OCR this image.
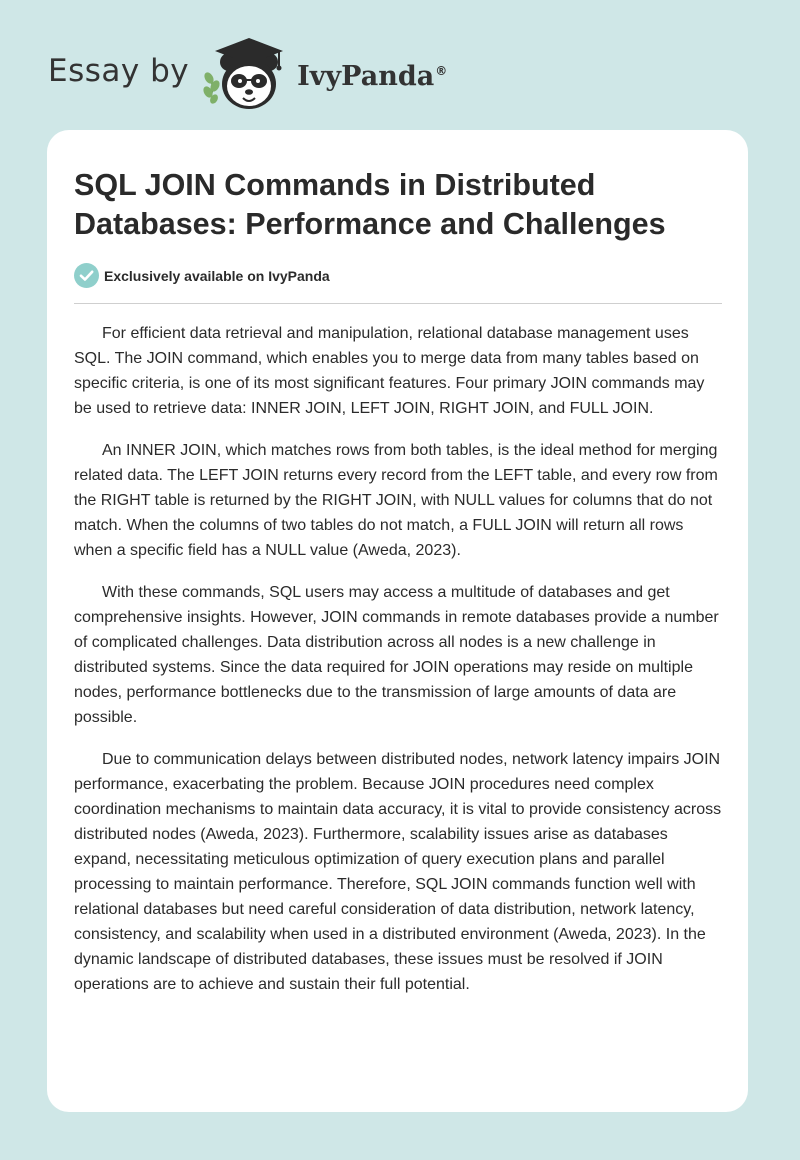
Essay by	IvyPanda®
SQL JOIN Commands in Distributed Databases: Performance and Challenges
Exclusively available on IvyPanda

For efficient data retrieval and manipulation, relational database management uses SQL. The JOIN command, which enables you to merge data from many tables based on specific criteria, is one of its most significant features. Four primary JOIN commands may be used to retrieve data: INNER JOIN, LEFT JOIN, RIGHT JOIN, and FULL JOIN.

An INNER JOIN, which matches rows from both tables, is the ideal method for merging related data. The LEFT JOIN returns every record from the LEFT table, and every row from the RIGHT table is returned by the RIGHT JOIN, with NULL values for columns that do not match. When the columns of two tables do not match, a FULL JOIN will return all rows when a specific field has a NULL value (Aweda, 2023).

With these commands, SQL users may access a multitude of databases and get comprehensive insights. However, JOIN commands in remote databases provide a number of complicated challenges. Data distribution across all nodes is a new challenge in distributed systems. Since the data required for JOIN operations may reside on multiple nodes, performance bottlenecks due to the transmission of large amounts of data are possible.

Due to communication delays between distributed nodes, network latency impairs JOIN performance, exacerbating the problem. Because JOIN procedures need complex coordination mechanisms to maintain data accuracy, it is vital to provide consistency across distributed nodes (Aweda, 2023). Furthermore, scalability issues arise as databases expand, necessitating meticulous optimization of query execution plans and parallel processing to maintain performance. Therefore, SQL JOIN commands function well with relational databases but need careful consideration of data distribution, network latency, consistency, and scalability when used in a distributed environment (Aweda, 2023). In the dynamic landscape of distributed databases, these issues must be resolved if JOIN operations are to achieve and sustain their full potential.
